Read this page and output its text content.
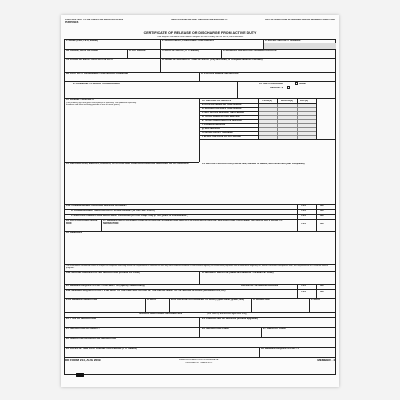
CAUTION: NOT TO BE USED FOR IDENTIFICATION PURPOSES
THIS IS AN IMPORTANT RECORD SAFEGUARD IT.	ANY ALTERATIONS IN SHADED AREAS RENDER FORM VOID
CERTIFICATE OF RELEASE OR DISCHARGE FROM ACTIVE DUTY
This Report Contains Information Subject to the Privacy Act of 1974, As Amended.
1. NAME (Last, First, Middle)	2. DEPARTMENT, COMPONENT AND BRANCH	3. SOCIAL SECURITY NUMBER
4a. GRADE, RATE OR RANK	b. PAY GRADE	5. DATE OF BIRTH (YYYYMMDD)	6. RESERVE OBLIGATION TERMINATION DATE
7a. PLACE OF ENTRY INTO ACTIVE DUTY	b. HOME OF RECORD AT TIME OF ENTRY (City and state, or complete address if known)
8a. LAST DUTY ASSIGNMENT AND MAJOR COMMAND	b. STATION WHERE SEPARATED
9. COMMAND TO WHICH TRANSFERRED	10. SGLI COVERAGE	NONE
AMOUNT: $
11. PRIMARY SPECIALTY
(List number, title and years and months in specialty. List additional specialty numbers and titles involving periods of one or more years.)
12. RECORD OF SERVICE	YEAR(S)	MONTH(S)	DAY(S)
a. DATE ENTERED AD THIS PERIOD
b. SEPARATION DATE THIS PERIOD
c. NET ACTIVE SERVICE THIS PERIOD
d. TOTAL PRIOR ACTIVE SERVICE
e. TOTAL PRIOR INACTIVE SERVICE
f. FOREIGN SERVICE
g. SEA SERVICE
h. INITIAL ENTRY TRAINING
i. EFFECTIVE DATE OF PAY GRADE
13. DECORATIONS, MEDALS, BADGES, CITATIONS AND CAMPAIGN RIBBONS AWARDED OR AUTHORIZED	14. MILITARY EDUCATION (Course title, number of weeks, and month and year completed)
15a. COMMISSIONED THROUGH SERVICE ACADEMY
b. COMMISSIONED THROUGH ROTC SCHOLARSHIP (10 USC Sec. 2107b)
c. ENLISTED UNDER LOAN REPAYMENT PROGRAM (10 USC Chap. 109) (If Yes, years of commitment: )
YES	NO
YES	NO
YES	NO
16. DAYS ACCRUED LEAVE PAID
17. MEMBER WAS PROVIDED COMPLETE DENTAL EXAMINATION AND ALL APPROPRIATE DENTAL SERVICES AND TREATMENT WITHIN 90 DAYS PRIOR TO SEPARATION	YES	NO
18. REMARKS
The information contained herein is subject to computer matching within the Department of Defense or with any other affected Federal or non-Federal agency for verification purposes and to determine eligibility for, and/or continued compliance with, the requirements of a Federal benefit program.
19a. MAILING ADDRESS AFTER SEPARATION (Include ZIP Code)	b. NEAREST RELATIVE (Name and address - include ZIP Code)
20. MEMBER REQUESTS COPY 6 BE SENT TO (Specify state/locality)	OFFICE OF VETERANS AFFAIRS	YES	NO
20a. MEMBER REQUESTS COPY 3 BE SENT TO THE CENTRAL OFFICE OF THE DEPARTMENT OF VETERANS AFFAIRS (WASHINGTON, DC)	YES	NO
21.a. MEMBER SIGNATURE	b. DATE	22.a. OFFICIAL AUTHORIZED TO SIGN (Typed name, grade, title)	b. SIGNATURE	c. DATE
SPECIAL ADDITIONAL INFORMATION	(For use by authorized agencies only)
23. TYPE OF SEPARATION	24. CHARACTER OF SERVICE (Include upgrades)
25. SEPARATION AUTHORITY	26. SEPARATION CODE	27. REENTRY CODE
28. NARRATIVE REASON FOR SEPARATION
29. DATES OF TIME LOST DURING THIS PERIOD (YYYYMMDD)	30. MEMBER REQUESTS COPY 4
DD FORM 214, AUG 2009	PREVIOUS EDITION IS OBSOLETE.
DESIGNED BY TRANSPROC
MEMBER - 4
